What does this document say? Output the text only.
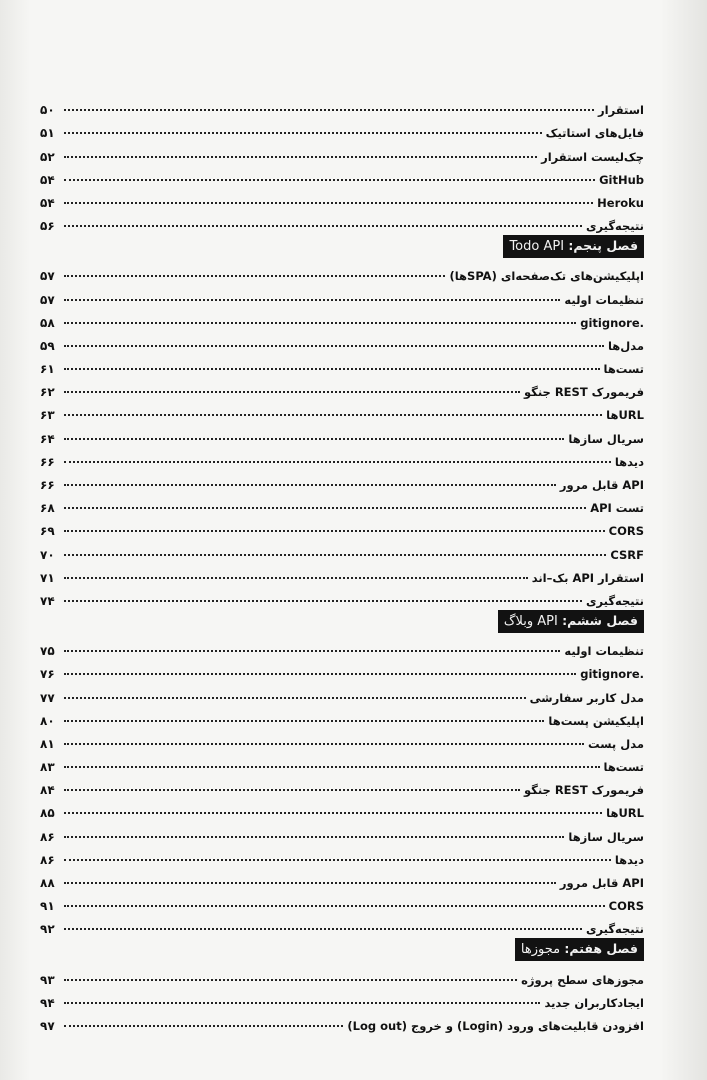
استقرار
۵۰
فایل‌های استاتیک
۵۱
چک‌لیست استقرار
۵۲
GitHub
۵۴
Heroku
۵۴
نتیجه‌گیری
۵۶
فصل پنجم: Todo API
اپلیکیشن‌های تک‌صفحه‌ای (SPAها)
۵۷
تنظیمات اولیه
۵۷
.gitignore
۵۸
مدل‌ها
۵۹
تست‌ها
۶۱
فریمورک REST جنگو
۶۲
URLها
۶۳
سریال سازها
۶۴
دیدها
۶۶
API قابل مرور
۶۶
تست API
۶۸
CORS
۶۹
CSRF
۷۰
استقرار API بک–اند
۷۱
نتیجه‌گیری
۷۴
فصل ششم: API وبلاگ
تنظیمات اولیه
۷۵
.gitignore
۷۶
مدل کاربر سفارشی
۷۷
اپلیکیشن پست‌ها
۸۰
مدل پست
۸۱
تست‌ها
۸۳
فریمورک REST جنگو
۸۴
URLها
۸۵
سریال سازها
۸۶
دیدها
۸۶
API قابل مرور
۸۸
CORS
۹۱
نتیجه‌گیری
۹۲
فصل هفتم: مجوزها
مجوزهای سطح پروژه
۹۳
ایجادکاربران جدید
۹۴
افزودن قابلیت‌های ورود (Login) و خروج (Log out)
۹۷
